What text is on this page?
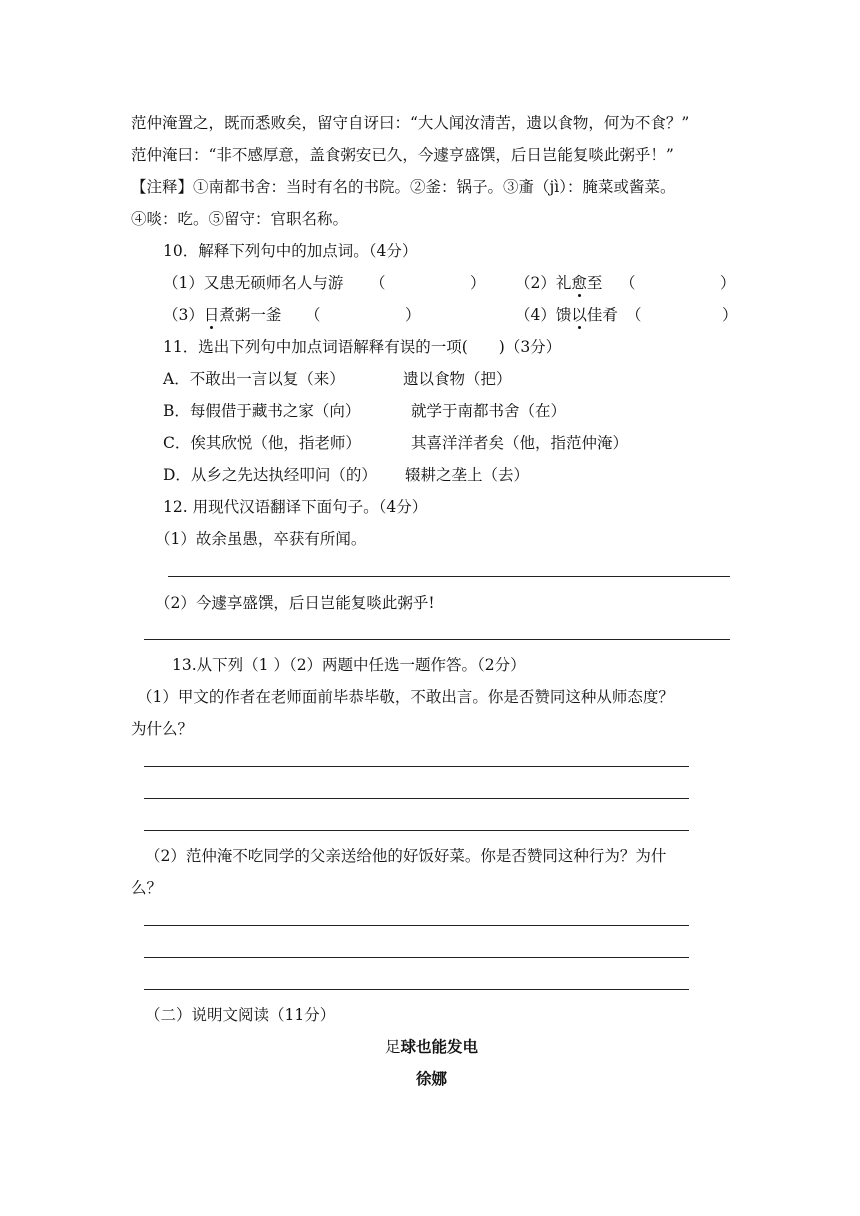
范仲淹置之，既而悉败矣，留守自讶曰：“大人闻汝清苦，遗以食物，何为不食？”
范仲淹曰：“非不感厚意，盖食粥安已久，今遽亨盛馔，后日岂能复啖此粥乎！”
【注释】①南都书舍：当时有名的书院。②釜：锅子。③齑（jì）：腌菜或酱菜。
④啖：吃。⑤留守：官职名称。
10．解释下列句中的加点词。（4分）
（1）又患无硕师名人与游 （	） （2）礼愈至 （	）
（3）日煮粥一釜 （	）	（4）馈以佳肴 （	）
11．选出下列句中加点词语解释有误的一项(　　)（3分）
A．不敢出一言以复（来）	遗以食物（把）
B．每假借于藏书之家（向）	就学于南都书舍（在）
C．俟其欣悦（他，指老师）	其喜洋洋者矣（他，指范仲淹）
D．从乡之先达执经叩问（的） 辍耕之垄上（去）
12. 用现代汉语翻译下面句子。（4分）
（1）故余虽愚，卒获有所闻。
（2）今遽享盛馔，后日岂能复啖此粥乎!
13.从下列（1 ）（2）两题中任选一题作答。（2分）
（1）甲文的作者在老师面前毕恭毕敬，不敢出言。你是否赞同这种从师态度？
为什么？
（2）范仲淹不吃同学的父亲送给他的好饭好菜。你是否赞同这种行为？为什
么？
（二）说明文阅读（11分）
足球也能发电
徐娜
